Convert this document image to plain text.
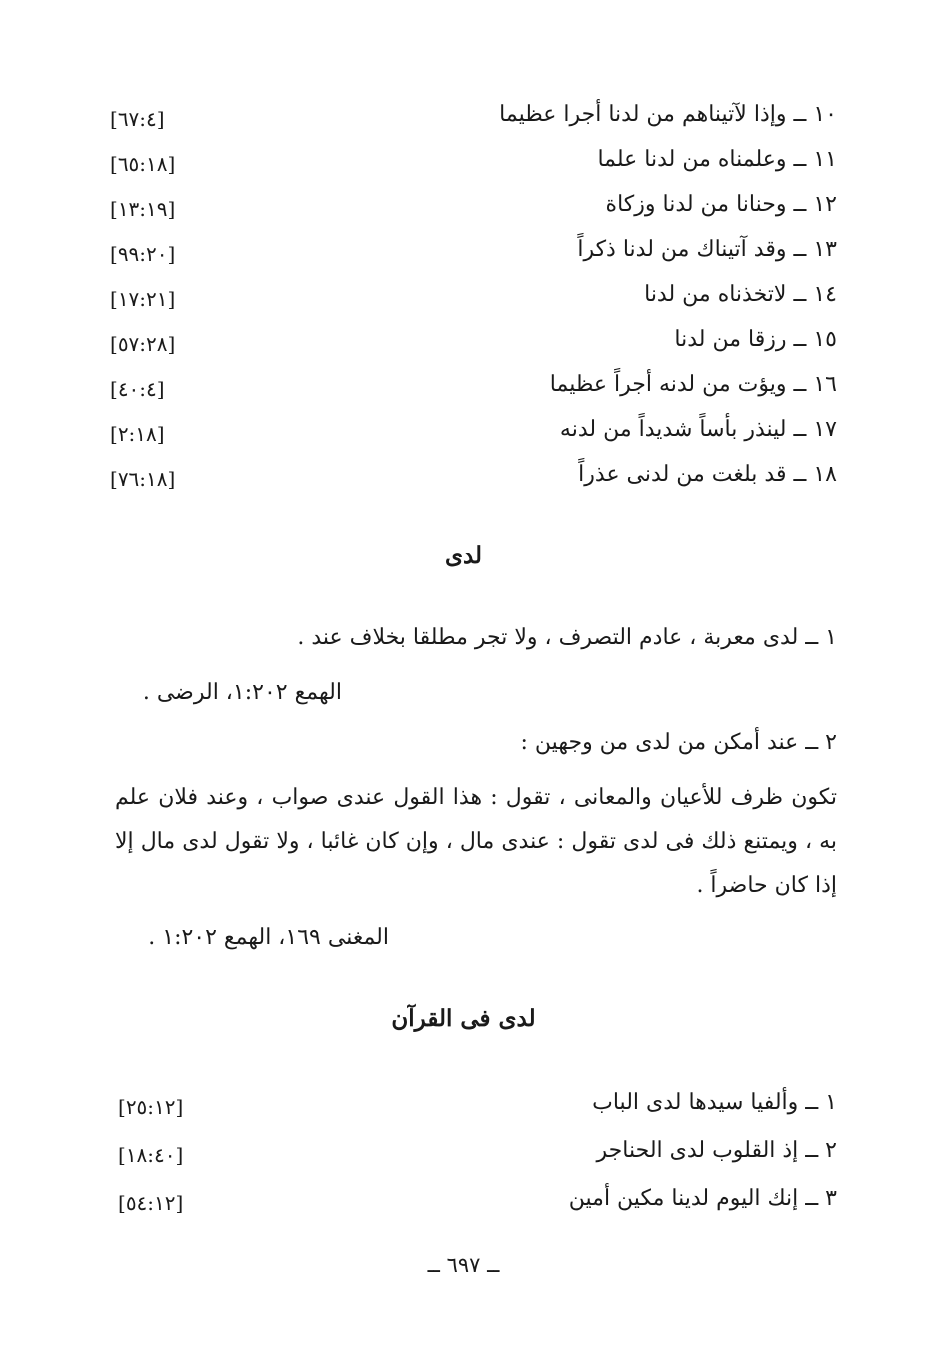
١٠ ــ وإذا لآتيناهم من لدنا أجرا عظيما
[٦٧:٤]
١١ ــ وعلمناه من لدنا علما
[٦٥:١٨]
١٢ ــ وحنانا من لدنا وزكاة
[١٣:١٩]
١٣ ــ وقد آتيناك من لدنا ذكراً
[٩٩:٢٠]
١٤ ــ لاتخذناه من لدنا
[١٧:٢١]
١٥ ــ رزقا من لدنا
[٥٧:٢٨]
١٦ ــ ويؤت من لدنه أجراً عظيما
[٤٠:٤]
١٧ ــ لينذر بأساً شديداً من لدنه
[٢:١٨]
١٨ ــ قد بلغت من لدنى عذراً
[٧٦:١٨]
لدى
١ ــ لدى معربة ، عادم التصرف ، ولا تجر مطلقا بخلاف عند .
الهمع ١:٢٠٢، الرضى .
٢ ــ عند أمكن من لدى من وجهين :
تكون ظرف للأعيان والمعانى ، تقول : هذا القول عندى صواب ، وعند فلان علم به ، ويمتنع ذلك فى لدى تقول : عندى مال ، وإن كان غائبا ، ولا تقول لدى مال إلا إذا كان حاضراً .
المغنى ١٦٩، الهمع ١:٢٠٢ .
لدى فى القرآن
١ ــ وألفيا سيدها لدى الباب
[٢٥:١٢]
٢ ــ إذ القلوب لدى الحناجر
[١٨:٤٠]
٣ ــ إنك اليوم لدينا مكين أمين
[٥٤:١٢]
ــ ٦٩٧ ــ
